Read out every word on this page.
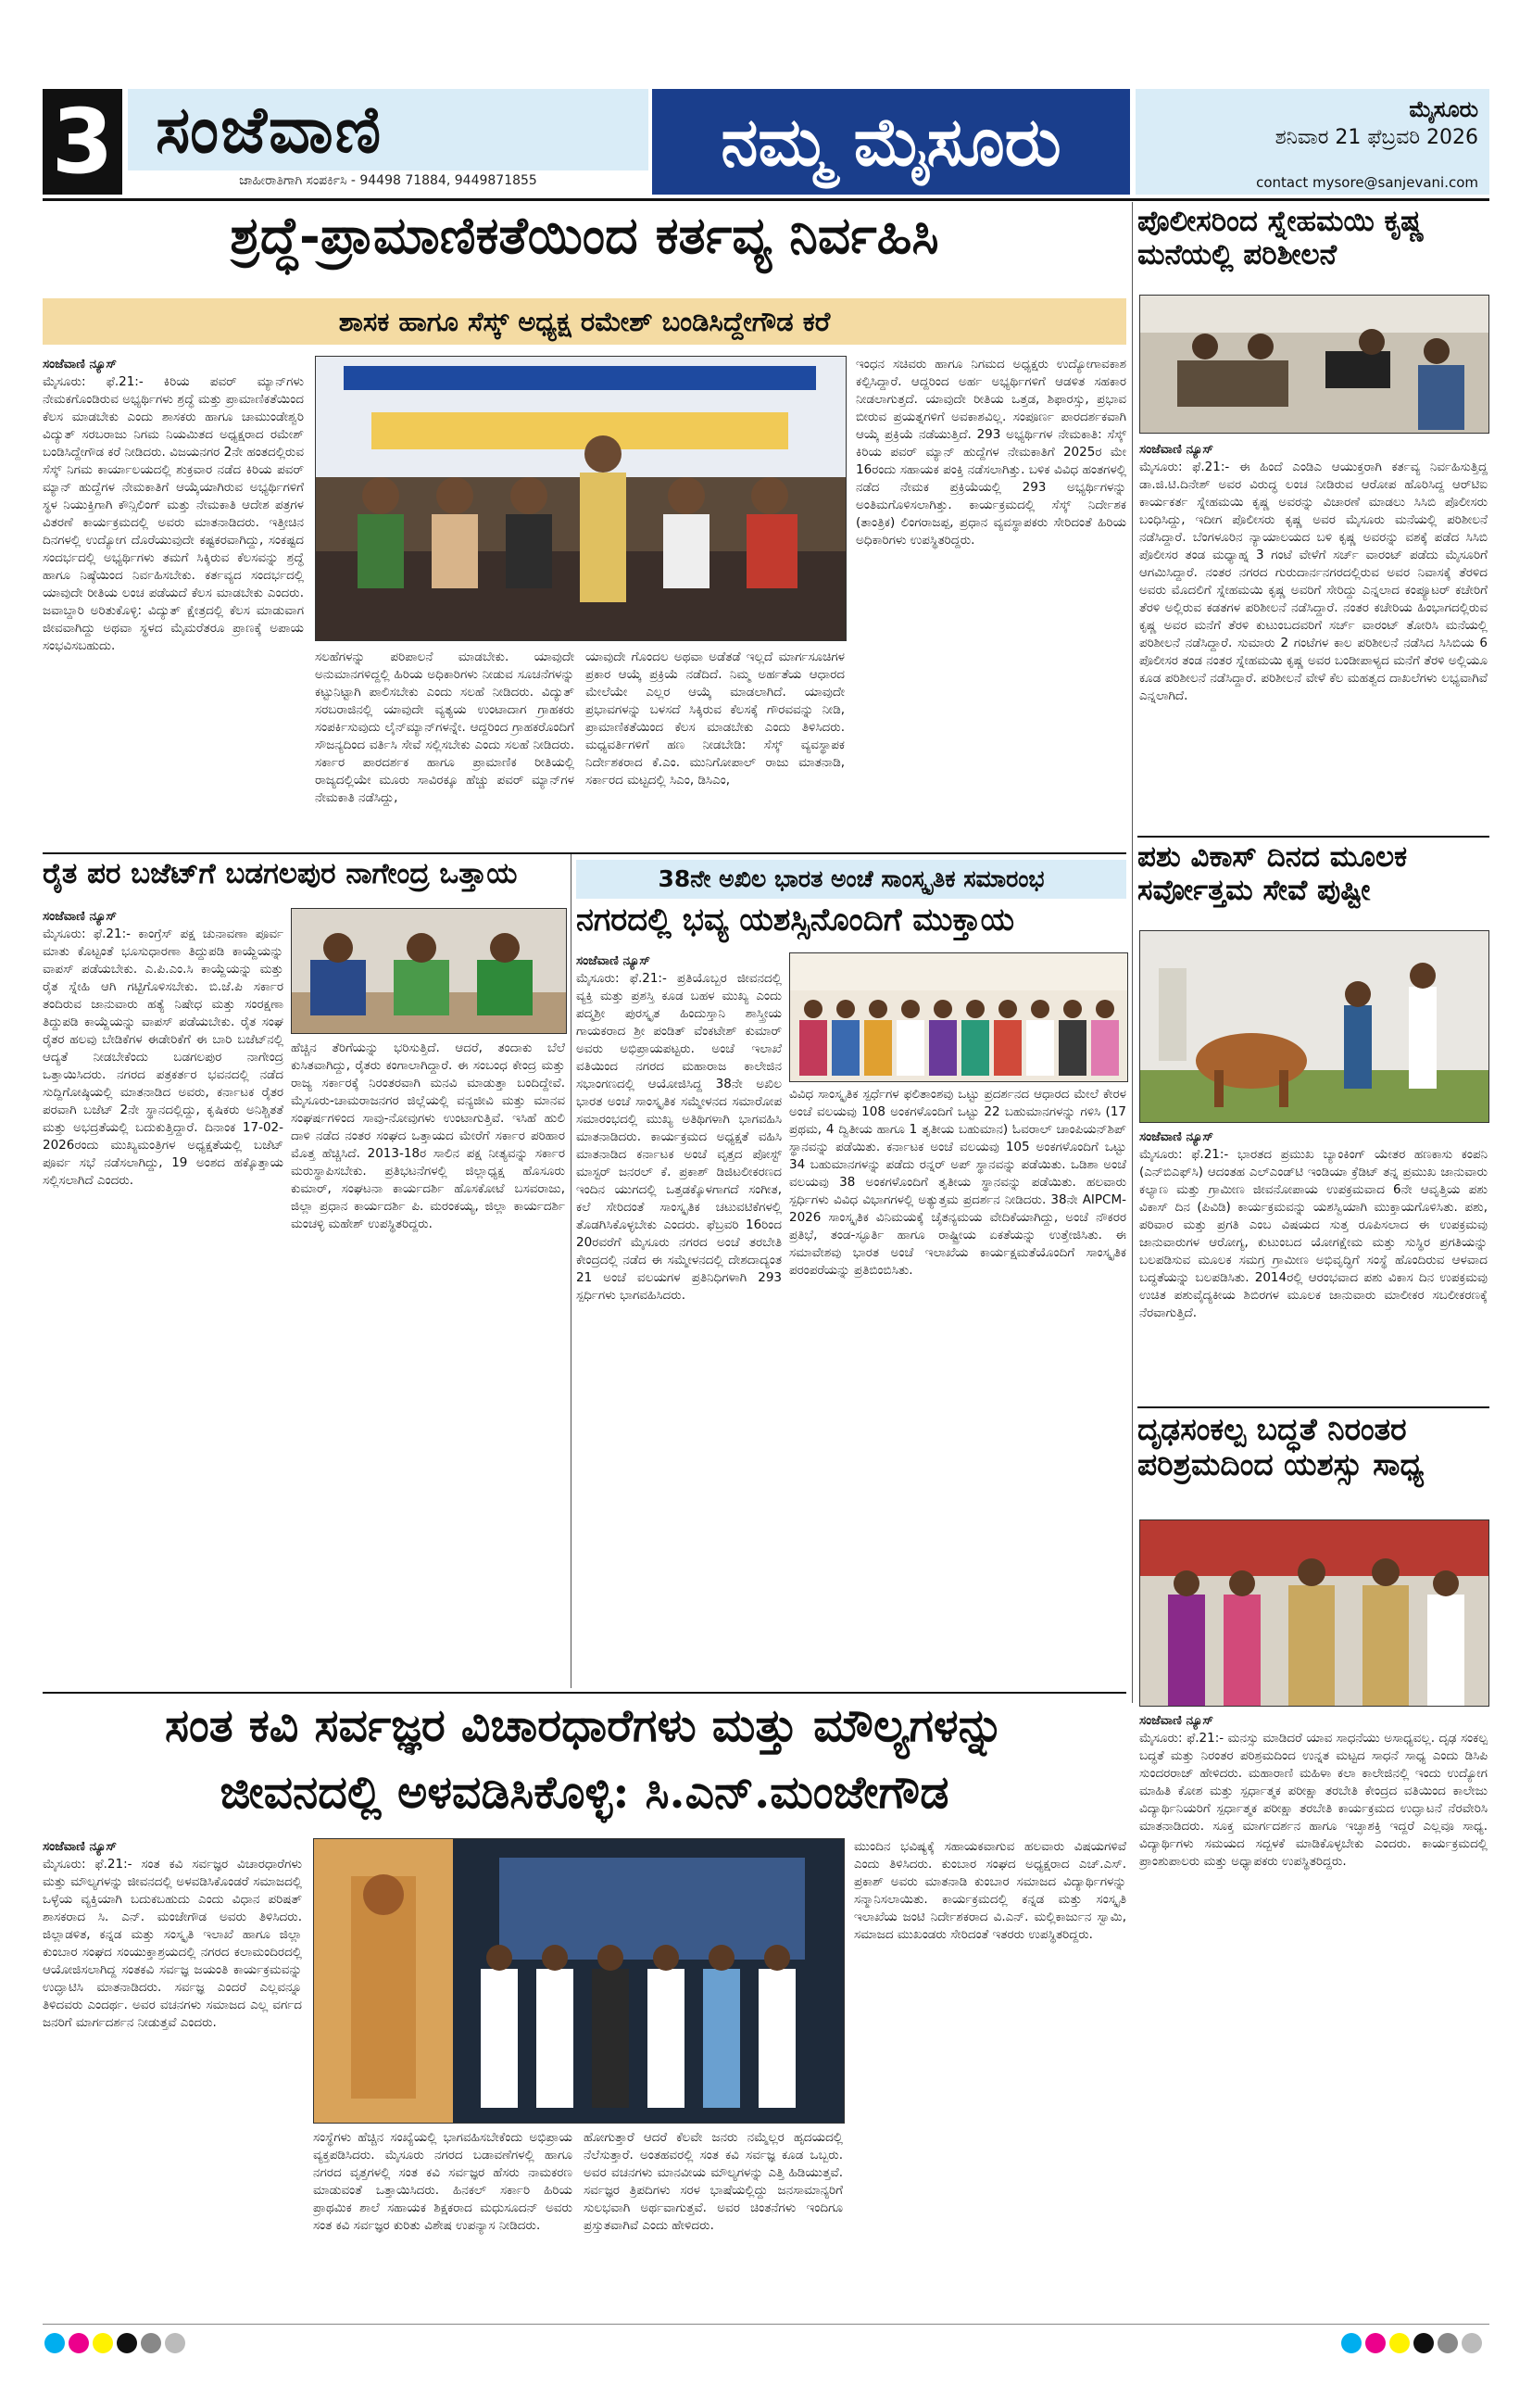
3 ಸಂಜೆವಾಣಿ
ಜಾಹೀರಾತಿಗಾಗಿ ಸಂಪರ್ಕಿಸಿ - 94498 71884, 9449871855	ನಮ್ಮ ಮೈಸೂರು	ಮೈಸೂರು
ಶನಿವಾರ 21 ಫೆಬ್ರವರಿ 2026
contact mysore@sanjevani.com
ಶ್ರದ್ಧೆ-ಪ್ರಾಮಾಣಿಕತೆಯಿಂದ ಕರ್ತವ್ಯ ನಿರ್ವಹಿಸಿ
ಶಾಸಕ ಹಾಗೂ ಸೆಸ್ಕ್ ಅಧ್ಯಕ್ಷ ರಮೇಶ್ ಬಂಡಿಸಿದ್ದೇಗೌಡ ಕರೆ
ಸಂಜೆವಾಣಿ ನ್ಯೂಸ್
ಮೈಸೂರು: ಫೆ.21:- ಕಿರಿಯ ಪವರ್ ಮ್ಯಾನ್‌ಗಳು ನೇಮಕಗೊಂಡಿರುವ ಅಭ್ಯರ್ಥಿಗಳು ಶ್ರದ್ಧೆ ಮತ್ತು ಪ್ರಾಮಾಣಿಕತೆಯಿಂದ ಕೆಲಸ ಮಾಡಬೇಕು ಎಂದು ಶಾಸಕರು ಹಾಗೂ ಚಾಮುಂಡೇಶ್ವರಿ ವಿದ್ಯುತ್ ಸರಬರಾಜು ನಿಗಮ ನಿಯಮಿತದ ಅಧ್ಯಕ್ಷರಾದ ರಮೇಶ್ ಬಂಡಿಸಿದ್ದೇಗೌಡ ಕರೆ ನೀಡಿದರು. ವಿಜಯನಗರ 2ನೇ ಹಂತದಲ್ಲಿರುವ ಸೆಸ್ಕ್ ನಿಗಮ ಕಾರ್ಯಾಲಯದಲ್ಲಿ ಶುಕ್ರವಾರ ನಡೆದ ಕಿರಿಯ ಪವರ್ ಮ್ಯಾನ್ ಹುದ್ದೆಗಳ ನೇಮಕಾತಿಗೆ ಆಯ್ಕೆಯಾಗಿರುವ ಅಭ್ಯರ್ಥಿಗಳಿಗೆ ಸ್ಥಳ ನಿಯುಕ್ತಿಗಾಗಿ ಕೌನ್ಸಿಲಿಂಗ್ ಮತ್ತು ನೇಮಕಾತಿ ಆದೇಶ ಪತ್ರಗಳ ವಿತರಣೆ ಕಾರ್ಯಕ್ರಮದಲ್ಲಿ ಅವರು ಮಾತನಾಡಿದರು. ಇತ್ತೀಚಿನ ದಿನಗಳಲ್ಲಿ ಉದ್ಯೋಗ ದೊರೆಯುವುದೇ ಕಷ್ಟಕರವಾಗಿದ್ದು, ಸಂಕಷ್ಟದ ಸಂದರ್ಭದಲ್ಲಿ ಅಭ್ಯರ್ಥಿಗಳು ತಮಗೆ ಸಿಕ್ಕಿರುವ ಕೆಲಸವನ್ನು ಶ್ರದ್ಧೆ ಹಾಗೂ ನಿಷ್ಠೆಯಿಂದ ನಿರ್ವಹಿಸಬೇಕು. ಕರ್ತವ್ಯದ ಸಂದರ್ಭದಲ್ಲಿ ಯಾವುದೇ ರೀತಿಯ ಲಂಚ ಪಡೆಯದೆ ಕೆಲಸ ಮಾಡಬೇಕು ಎಂದರು. ಜವಾಬ್ದಾರಿ ಅರಿತುಕೊಳ್ಳಿ: ವಿದ್ಯುತ್ ಕ್ಷೇತ್ರದಲ್ಲಿ ಕೆಲಸ ಮಾಡುವಾಗ ಜೀವವಾಗಿದ್ದು ಅಥವಾ ಸ್ಥಳದ ಮೈಮರೆತರೂ ಪ್ರಾಣಕ್ಕೆ ಅಪಾಯ ಸಂಭವಿಸಬಹುದು.
ಸಲಹೆಗಳನ್ನು ಪರಿಪಾಲನೆ ಮಾಡಬೇಕು. ಯಾವುದೇ ಅನುಮಾನಗಳಿದ್ದಲ್ಲಿ ಹಿರಿಯ ಅಧಿಕಾರಿಗಳು ನೀಡುವ ಸೂಚನೆಗಳನ್ನು ಕಟ್ಟುನಿಟ್ಟಾಗಿ ಪಾಲಿಸಬೇಕು ಎಂದು ಸಲಹೆ ನೀಡಿದರು. ವಿದ್ಯುತ್ ಸರಬರಾಜಿನಲ್ಲಿ ಯಾವುದೇ ವ್ಯತ್ಯಯ ಉಂಟಾದಾಗ ಗ್ರಾಹಕರು ಸಂಪರ್ಕಿಸುವುದು ಲೈನ್‌ಮ್ಯಾನ್‌ಗಳನ್ನೇ. ಆದ್ದರಿಂದ ಗ್ರಾಹಕರೊಂದಿಗೆ ಸೌಜನ್ಯದಿಂದ ವರ್ತಿಸಿ ಸೇವೆ ಸಲ್ಲಿಸಬೇಕು ಎಂದು ಸಲಹೆ ನೀಡಿದರು. ಸರ್ಕಾರ ಪಾರದರ್ಶಕ ಹಾಗೂ ಪ್ರಾಮಾಣಿಕ ರೀತಿಯಲ್ಲಿ ರಾಜ್ಯದಲ್ಲಿಯೇ ಮೂರು ಸಾವಿರಕ್ಕೂ ಹೆಚ್ಚು ಪವರ್ ಮ್ಯಾನ್‌ಗಳ ನೇಮಕಾತಿ ನಡೆಸಿದ್ದು,
ಯಾವುದೇ ಗೊಂದಲ ಅಥವಾ ಅಡೆತಡೆ ಇಲ್ಲದೆ ಮಾರ್ಗಸೂಚಿಗಳ ಪ್ರಕಾರ ಆಯ್ಕೆ ಪ್ರಕ್ರಿಯೆ ನಡೆದಿದೆ. ನಿಮ್ಮ ಅರ್ಹತೆಯ ಆಧಾರದ ಮೇಲೆಯೇ ಎಲ್ಲರ ಆಯ್ಕೆ ಮಾಡಲಾಗಿದೆ. ಯಾವುದೇ ಪ್ರಭಾವಗಳನ್ನು ಬಳಸದೆ ಸಿಕ್ಕಿರುವ ಕೆಲಸಕ್ಕೆ ಗೌರವವನ್ನು ನೀಡಿ, ಪ್ರಾಮಾಣಿಕತೆಯಿಂದ ಕೆಲಸ ಮಾಡಬೇಕು ಎಂದು ತಿಳಿಸಿದರು. ಮಧ್ಯವರ್ತಿಗಳಿಗೆ ಹಣ ನೀಡಬೇಡಿ: ಸೆಸ್ಕ್ ವ್ಯವಸ್ಥಾಪಕ ನಿರ್ದೇಶಕರಾದ ಕೆ.ಎಂ. ಮುನಿಗೋಪಾಲ್ ರಾಜು ಮಾತನಾಡಿ, ಸರ್ಕಾರದ ಮಟ್ಟದಲ್ಲಿ ಸಿಎಂ, ಡಿಸಿಎಂ,
ಇಂಧನ ಸಚಿವರು ಹಾಗೂ ನಿಗಮದ ಅಧ್ಯಕ್ಷರು ಉದ್ಯೋಗಾವಕಾಶ ಕಲ್ಪಿಸಿದ್ದಾರೆ. ಆದ್ದರಿಂದ ಅರ್ಹ ಅಭ್ಯರ್ಥಿಗಳಿಗೆ ಆಡಳಿತ ಸಹಕಾರ ನೀಡಲಾಗುತ್ತದೆ. ಯಾವುದೇ ರೀತಿಯ ಒತ್ತಡ, ಶಿಫಾರಸ್ಸು, ಪ್ರಭಾವ ಬೀರುವ ಪ್ರಯತ್ನಗಳಿಗೆ ಅವಕಾಶವಿಲ್ಲ. ಸಂಪೂರ್ಣ ಪಾರದರ್ಶಕವಾಗಿ ಆಯ್ಕೆ ಪ್ರಕ್ರಿಯೆ ನಡೆಯುತ್ತಿದೆ. 293 ಅಭ್ಯರ್ಥಿಗಳ ನೇಮಕಾತಿ: ಸೆಸ್ಕ್ ಕಿರಿಯ ಪವರ್ ಮ್ಯಾನ್ ಹುದ್ದೆಗಳ ನೇಮಕಾತಿಗೆ 2025ರ ಮೇ 16ರಂದು ಸಹಾಯಕ ಪಂಕ್ತಿ ನಡೆಸಲಾಗಿತ್ತು. ಬಳಿಕ ವಿವಿಧ ಹಂತಗಳಲ್ಲಿ ನಡೆದ ನೇಮಕ ಪ್ರಕ್ರಿಯೆಯಲ್ಲಿ 293 ಅಭ್ಯರ್ಥಿಗಳನ್ನು ಅಂತಿಮಗೊಳಿಸಲಾಗಿತ್ತು. ಕಾರ್ಯಕ್ರಮದಲ್ಲಿ ಸೆಸ್ಕ್ ನಿರ್ದೇಶಕ (ತಾಂತ್ರಿಕ) ಲಿಂಗರಾಜಪ್ಪ, ಪ್ರಧಾನ ವ್ಯವಸ್ಥಾಪಕರು ಸೇರಿದಂತೆ ಹಿರಿಯ ಅಧಿಕಾರಿಗಳು ಉಪಸ್ಥಿತರಿದ್ದರು.
ಪೊಲೀಸರಿಂದ ಸ್ನೇಹಮಯಿ ಕೃಷ್ಣ ಮನೆಯಲ್ಲಿ ಪರಿಶೀಲನೆ
ಸಂಜೆವಾಣಿ ನ್ಯೂಸ್
ಮೈಸೂರು: ಫೆ.21:- ಈ ಹಿಂದೆ ಎಂಡಿಎ ಆಯುಕ್ತರಾಗಿ ಕರ್ತವ್ಯ ನಿರ್ವಹಿಸುತ್ತಿದ್ದ ಡಾ.ಜಿ.ಟಿ.ದಿನೇಶ್ ಅವರ ವಿರುದ್ಧ ಲಂಚ ನೀಡಿರುವ ಆರೋಪ ಹೊರಿಸಿದ್ದ ಆರ್‌ಟಿಐ ಕಾರ್ಯಕರ್ತ ಸ್ನೇಹಮಯಿ ಕೃಷ್ಣ ಅವರನ್ನು ವಿಚಾರಣೆ ಮಾಡಲು ಸಿಸಿಬಿ ಪೊಲೀಸರು ಬಂಧಿಸಿದ್ದು, ಇದೀಗ ಪೊಲೀಸರು ಕೃಷ್ಣ ಅವರ ಮೈಸೂರು ಮನೆಯಲ್ಲಿ ಪರಿಶೀಲನೆ ನಡೆಸಿದ್ದಾರೆ. ಬೆಂಗಳೂರಿನ ನ್ಯಾಯಾಲಯದ ಬಳಿ ಕೃಷ್ಣ ಅವರನ್ನು ವಶಕ್ಕೆ ಪಡೆದ ಸಿಸಿಬಿ ಪೊಲೀಸರ ತಂಡ ಮಧ್ಯಾಹ್ನ 3 ಗಂಟೆ ವೇಳೆಗೆ ಸರ್ಚ್ ವಾರಂಟ್ ಪಡೆದು ಮೈಸೂರಿಗೆ ಆಗಮಿಸಿದ್ದಾರೆ. ನಂತರ ನಗರದ ಗುರುದಾರ್ನನಗರದಲ್ಲಿರುವ ಅವರ ನಿವಾಸಕ್ಕೆ ತೆರಳಿದ ಅವರು ಮೊದಲಿಗೆ ಸ್ನೇಹಮಯಿ ಕೃಷ್ಣ ಅವರಿಗೆ ಸೇರಿದ್ದು ಎನ್ನಲಾದ ಕಂಪ್ಯೂಟರ್ ಕಚೇರಿಗೆ ತೆರಳಿ ಅಲ್ಲಿರುವ ಕಡತಗಳ ಪರಿಶೀಲನೆ ನಡೆಸಿದ್ದಾರೆ. ನಂತರ ಕಚೇರಿಯ ಹಿಂಭಾಗದಲ್ಲಿರುವ ಕೃಷ್ಣ ಅವರ ಮನೆಗೆ ತೆರಳಿ ಕುಟುಂಬದವರಿಗೆ ಸರ್ಚ್ ವಾರಂಟ್ ತೋರಿಸಿ ಮನೆಯಲ್ಲಿ ಪರಿಶೀಲನೆ ನಡೆಸಿದ್ದಾರೆ. ಸುಮಾರು 2 ಗಂಟೆಗಳ ಕಾಲ ಪರಿಶೀಲನೆ ನಡೆಸಿದ ಸಿಸಿಬಿಯ 6 ಪೊಲೀಸರ ತಂಡ ನಂತರ ಸ್ನೇಹಮಯಿ ಕೃಷ್ಣ ಅವರ ಬಂಡೀಪಾಳ್ಯದ ಮನೆಗೆ ತೆರಳಿ ಅಲ್ಲಿಯೂ ಕೂಡ ಪರಿಶೀಲನೆ ನಡೆಸಿದ್ದಾರೆ. ಪರಿಶೀಲನೆ ವೇಳೆ ಕೆಲ ಮಹತ್ವದ ದಾಖಲೆಗಳು ಲಭ್ಯವಾಗಿವೆ ಎನ್ನಲಾಗಿದೆ.
ಪಶು ವಿಕಾಸ್ ದಿನದ ಮೂಲಕ ಸರ್ವೋತ್ತಮ ಸೇವೆ ಪುಷ್ಟೀ
ಸಂಜೆವಾಣಿ ನ್ಯೂಸ್
ಮೈಸೂರು: ಫೆ.21:- ಭಾರತದ ಪ್ರಮುಖ ಬ್ಯಾಂಕಿಂಗ್ ಯೇತರ ಹಣಕಾಸು ಕಂಪನಿ (ಎನ್‌ಬಿಎಫ್‌ಸಿ) ಆದಂತಹ ಎಲ್‌ಎಂಡ್‌ಟಿ ಇಂಡಿಯಾ ಕ್ರೆಡಿಟ್ ತನ್ನ ಪ್ರಮುಖ ಜಾನುವಾರು ಕಲ್ಯಾಣ ಮತ್ತು ಗ್ರಾಮೀಣ ಜೀವನೋಪಾಯ ಉಪಕ್ರಮವಾದ 6ನೇ ಆವೃತ್ತಿಯ ಪಶು ವಿಕಾಸ್ ದಿನ (ಪಿವಿಡಿ) ಕಾರ್ಯಕ್ರಮವನ್ನು ಯಶಸ್ವಿಯಾಗಿ ಮುಕ್ತಾಯಗೊಳಿಸಿತು. ಪಶು, ಪರಿವಾರ ಮತ್ತು ಪ್ರಗತಿ ಎಂಬ ವಿಷಯದ ಸುತ್ತ ರೂಪಿಸಲಾದ ಈ ಉಪಕ್ರಮವು ಜಾನುವಾರುಗಳ ಆರೋಗ್ಯ, ಕುಟುಂಬದ ಯೋಗಕ್ಷೇಮ ಮತ್ತು ಸುಸ್ಥಿರ ಪ್ರಗತಿಯನ್ನು ಬಲಪಡಿಸುವ ಮೂಲಕ ಸಮಗ್ರ ಗ್ರಾಮೀಣ ಅಭಿವೃದ್ಧಿಗೆ ಸಂಸ್ಥೆ ಹೊಂದಿರುವ ಆಳವಾದ ಬದ್ಧತೆಯನ್ನು ಬಲಪಡಿಸಿತು. 2014ರಲ್ಲಿ ಆರಂಭವಾದ ಪಶು ವಿಕಾಸ ದಿನ ಉಪಕ್ರಮವು ಉಚಿತ ಪಶುವೈದ್ಯಕೀಯ ಶಿಬಿರಗಳ ಮೂಲಕ ಜಾನುವಾರು ಮಾಲೀಕರ ಸಬಲೀಕರಣಕ್ಕೆ ನೆರವಾಗುತ್ತಿದೆ.
ದೃಢಸಂಕಲ್ಪ ಬದ್ಧತೆ ನಿರಂತರ ಪರಿಶ್ರಮದಿಂದ ಯಶಸ್ಸು ಸಾಧ್ಯ
ಸಂಜೆವಾಣಿ ನ್ಯೂಸ್
ಮೈಸೂರು: ಫೆ.21:- ಮನಸ್ಸು ಮಾಡಿದರೆ ಯಾವ ಸಾಧನೆಯು ಅಸಾಧ್ಯವಲ್ಲ. ದೃಢ ಸಂಕಲ್ಪ ಬದ್ಧತೆ ಮತ್ತು ನಿರಂತರ ಪರಿಶ್ರಮದಿಂದ ಉನ್ನತ ಮಟ್ಟದ ಸಾಧನೆ ಸಾಧ್ಯ ಎಂದು ಡಿಸಿಪಿ ಸುಂದರರಾಜ್ ಹೇಳಿದರು. ಮಹಾರಾಣಿ ಮಹಿಳಾ ಕಲಾ ಕಾಲೇಜಿನಲ್ಲಿ ಇಂದು ಉದ್ಯೋಗ ಮಾಹಿತಿ ಕೋಶ ಮತ್ತು ಸ್ಪರ್ಧಾತ್ಮಕ ಪರೀಕ್ಷಾ ತರಬೇತಿ ಕೇಂದ್ರದ ವತಿಯಿಂದ ಕಾಲೇಜು ವಿದ್ಯಾರ್ಥಿನಿಯರಿಗೆ ಸ್ಪರ್ಧಾತ್ಮಕ ಪರೀಕ್ಷಾ ತರಬೇತಿ ಕಾರ್ಯಕ್ರಮದ ಉದ್ಘಾಟನೆ ನೆರವೇರಿಸಿ ಮಾತನಾಡಿದರು. ಸೂಕ್ತ ಮಾರ್ಗದರ್ಶನ ಹಾಗೂ ಇಚ್ಛಾಶಕ್ತಿ ಇದ್ದರೆ ಎಲ್ಲವೂ ಸಾಧ್ಯ. ವಿದ್ಯಾರ್ಥಿಗಳು ಸಮಯದ ಸದ್ಬಳಕೆ ಮಾಡಿಕೊಳ್ಳಬೇಕು ಎಂದರು. ಕಾರ್ಯಕ್ರಮದಲ್ಲಿ ಪ್ರಾಂಶುಪಾಲರು ಮತ್ತು ಅಧ್ಯಾಪಕರು ಉಪಸ್ಥಿತರಿದ್ದರು.
ರೈತ ಪರ ಬಜೆಟ್‌ಗೆ ಬಡಗಲಪುರ ನಾಗೇಂದ್ರ ಒತ್ತಾಯ
ಸಂಜೆವಾಣಿ ನ್ಯೂಸ್
ಮೈಸೂರು: ಫೆ.21:- ಕಾಂಗ್ರೆಸ್ ಪಕ್ಷ ಚುನಾವಣಾ ಪೂರ್ವ ಮಾತು ಕೊಟ್ಟಂತೆ ಭೂಸುಧಾರಣಾ ತಿದ್ದುಪಡಿ ಕಾಯ್ದೆಯನ್ನು ವಾಪಸ್ ಪಡೆಯಬೇಕು. ಎ.ಪಿ.ಎಂ.ಸಿ ಕಾಯ್ದೆಯನ್ನು ಮತ್ತು ರೈತ ಸ್ನೇಹಿ ಆಗಿ ಗಟ್ಟಿಗೊಳಿಸಬೇಕು. ಬಿ.ಜೆ.ಪಿ ಸರ್ಕಾರ ತಂದಿರುವ ಜಾನುವಾರು ಹತ್ಯೆ ನಿಷೇಧ ಮತ್ತು ಸಂರಕ್ಷಣಾ ತಿದ್ದುಪಡಿ ಕಾಯ್ದೆಯನ್ನು ವಾಪಸ್ ಪಡೆಯಬೇಕು. ರೈತ ಸಂಘ ರೈತರ ಹಲವು ಬೇಡಿಕೆಗಳ ಈಡೇರಿಕೆಗೆ ಈ ಬಾರಿ ಬಜೆಟ್‌ನಲ್ಲಿ ಆದ್ಯತೆ ನೀಡಬೇಕೆಂದು ಬಡಗಲಪುರ ನಾಗೇಂದ್ರ ಒತ್ತಾಯಿಸಿದರು. ನಗರದ ಪತ್ರಕರ್ತರ ಭವನದಲ್ಲಿ ನಡೆದ ಸುದ್ದಿಗೋಷ್ಠಿಯಲ್ಲಿ ಮಾತನಾಡಿದ ಅವರು, ಕರ್ನಾಟಕ ರೈತರ ಪರವಾಗಿ ಬಜೆಟ್ 2ನೇ ಸ್ಥಾನದಲ್ಲಿದ್ದು, ಕೃಷಿಕರು ಅನಿಶ್ಚಿತತೆ ಮತ್ತು ಅಭದ್ರತೆಯಲ್ಲಿ ಬದುಕುತ್ತಿದ್ದಾರೆ. ದಿನಾಂಕ 17-02-2026ರಂದು ಮುಖ್ಯಮಂತ್ರಿಗಳ ಅಧ್ಯಕ್ಷತೆಯಲ್ಲಿ ಬಜೆಟ್ ಪೂರ್ವ ಸಭೆ ನಡೆಸಲಾಗಿದ್ದು, 19 ಅಂಶದ ಹಕ್ಕೊತ್ತಾಯ ಸಲ್ಲಿಸಲಾಗಿದೆ ಎಂದರು.
ಹೆಚ್ಚಿನ ತೆರಿಗೆಯನ್ನು ಭರಿಸುತ್ತಿದೆ. ಆದರೆ, ತಂದಾಕು ಬೆಲೆ ಕುಸಿತವಾಗಿದ್ದು, ರೈತರು ಕಂಗಾಲಾಗಿದ್ದಾರೆ. ಈ ಸಂಬಂಧ ಕೇಂದ್ರ ಮತ್ತು ರಾಜ್ಯ ಸರ್ಕಾರಕ್ಕೆ ನಿರಂತರವಾಗಿ ಮನವಿ ಮಾಡುತ್ತಾ ಬಂದಿದ್ದೇವೆ. ಮೈಸೂರು-ಚಾಮರಾಜನಗರ ಜಿಲ್ಲೆಯಲ್ಲಿ ವನ್ಯಜೀವಿ ಮತ್ತು ಮಾನವ ಸಂಘರ್ಷಗಳಿಂದ ಸಾವು-ನೋವುಗಳು ಉಂಟಾಗುತ್ತಿವೆ. ಇಸಿಹೆ ಹುಲಿ ದಾಳಿ ನಡೆದ ನಂತರ ಸಂಘದ ಒತ್ತಾಯದ ಮೇರೆಗೆ ಸರ್ಕಾರ ಪರಿಹಾರ ಮೊತ್ತ ಹೆಚ್ಚಿಸಿದೆ. 2013-18ರ ಸಾಲಿನ ಪಕ್ಷ ನೀತ್ಯವನ್ನು ಸರ್ಕಾರ ಮರುಸ್ಥಾಪಿಸಬೇಕು. ಪ್ರತಿಭಟನೆಗಳಲ್ಲಿ ಜಿಲ್ಲಾಧ್ಯಕ್ಷ ಹೊಸೂರು ಕುಮಾರ್, ಸಂಘಟನಾ ಕಾರ್ಯದರ್ಶಿ ಹೊಸಕೋಟೆ ಬಸವರಾಜು, ಜಿಲ್ಲಾ ಪ್ರಧಾನ ಕಾರ್ಯದರ್ಶಿ ಪಿ. ಮರಂಕಯ್ಯ, ಜಿಲ್ಲಾ ಕಾರ್ಯದರ್ಶಿ ಮಂಚಳ್ಳಿ ಮಹೇಶ್ ಉಪಸ್ಥಿತರಿದ್ದರು.
38ನೇ ಅಖಿಲ ಭಾರತ ಅಂಚೆ ಸಾಂಸ್ಕೃತಿಕ ಸಮಾರಂಭ
ನಗರದಲ್ಲಿ ಭವ್ಯ ಯಶಸ್ಸಿನೊಂದಿಗೆ ಮುಕ್ತಾಯ
ಸಂಜೆವಾಣಿ ನ್ಯೂಸ್
ಮೈಸೂರು: ಫೆ.21:- ಪ್ರತಿಯೊಬ್ಬರ ಜೀವನದಲ್ಲಿ ವ್ಯಕ್ತಿ ಮತ್ತು ಪ್ರಶಸ್ತಿ ಕೂಡ ಬಹಳ ಮುಖ್ಯ ಎಂದು ಪದ್ಮಶ್ರೀ ಪುರಸ್ಕೃತ ಹಿಂದುಸ್ತಾನಿ ಶಾಸ್ತ್ರೀಯ ಗಾಯಕರಾದ ಶ್ರೀ ಪಂಡಿತ್ ವೆಂಕಟೇಶ್ ಕುಮಾರ್ ಅವರು ಅಭಿಪ್ರಾಯಪಟ್ಟರು. ಅಂಚೆ ಇಲಾಖೆ ವತಿಯಿಂದ ನಗರದ ಮಹಾರಾಜ ಕಾಲೇಜಿನ ಸಭಾಂಗಣದಲ್ಲಿ ಆಯೋಜಿಸಿದ್ದ 38ನೇ ಅಖಿಲ ಭಾರತ ಅಂಚೆ ಸಾಂಸ್ಕೃತಿಕ ಸಮ್ಮೇಳನದ ಸಮಾರೋಪ ಸಮಾರಂಭದಲ್ಲಿ ಮುಖ್ಯ ಅತಿಥಿಗಳಾಗಿ ಭಾಗವಹಿಸಿ ಮಾತನಾಡಿದರು. ಕಾರ್ಯಕ್ರಮದ ಅಧ್ಯಕ್ಷತೆ ವಹಿಸಿ ಮಾತನಾಡಿದ ಕರ್ನಾಟಕ ಅಂಚೆ ವೃತ್ತದ ಪೋಸ್ಟ್ ಮಾಸ್ಟರ್ ಜನರಲ್ ಕೆ. ಪ್ರಕಾಶ್ ಡಿಜಿಟಲೀಕರಣದ ಇಂದಿನ ಯುಗದಲ್ಲಿ ಒತ್ತಡಕ್ಕೊಳಗಾಗದೆ ಸಂಗೀತ, ಕಲೆ ಸೇರಿದಂತೆ ಸಾಂಸ್ಕೃತಿಕ ಚಟುವಟಿಕೆಗಳಲ್ಲಿ ತೊಡಗಿಸಿಕೊಳ್ಳಬೇಕು ಎಂದರು. ಫೆಬ್ರವರಿ 16ರಿಂದ 20ರವರೆಗೆ ಮೈಸೂರು ನಗರದ ಅಂಚೆ ತರಬೇತಿ ಕೇಂದ್ರದಲ್ಲಿ ನಡೆದ ಈ ಸಮ್ಮೇಳನದಲ್ಲಿ ದೇಶದಾದ್ಯಂತ 21 ಅಂಚೆ ವಲಯಗಳ ಪ್ರತಿನಿಧಿಗಳಾಗಿ 293 ಸ್ಪರ್ಧಿಗಳು ಭಾಗವಹಿಸಿದರು.
ವಿವಿಧ ಸಾಂಸ್ಕೃತಿಕ ಸ್ಪರ್ಧೆಗಳ ಫಲಿತಾಂಶವು ಒಟ್ಟು ಪ್ರದರ್ಶನದ ಆಧಾರದ ಮೇಲೆ ಕೇರಳ ಅಂಚೆ ವಲಯವು 108 ಅಂಕಗಳೊಂದಿಗೆ ಒಟ್ಟು 22 ಬಹುಮಾನಗಳನ್ನು ಗಳಿಸಿ (17 ಪ್ರಥಮ, 4 ದ್ವಿತೀಯ ಹಾಗೂ 1 ತೃತೀಯ ಬಹುಮಾನ) ಓವರಾಲ್ ಚಾಂಪಿಯನ್‌ಶಿಪ್ ಸ್ಥಾನವನ್ನು ಪಡೆಯಿತು. ಕರ್ನಾಟಕ ಅಂಚೆ ವಲಯವು 105 ಅಂಕಗಳೊಂದಿಗೆ ಒಟ್ಟು 34 ಬಹುಮಾನಗಳನ್ನು ಪಡೆದು ರನ್ನರ್ ಅಪ್ ಸ್ಥಾನವನ್ನು ಪಡೆಯಿತು. ಒಡಿಶಾ ಅಂಚೆ ವಲಯವು 38 ಅಂಕಗಳೊಂದಿಗೆ ತೃತೀಯ ಸ್ಥಾನವನ್ನು ಪಡೆಯಿತು. ಹಲವಾರು ಸ್ಪರ್ಧಿಗಳು ವಿವಿಧ ವಿಭಾಗಗಳಲ್ಲಿ ಅತ್ಯುತ್ತಮ ಪ್ರದರ್ಶನ ನೀಡಿದರು. 38ನೇ AIPCM-2026 ಸಾಂಸ್ಕೃತಿಕ ವಿನಿಮಯಕ್ಕೆ ಚೈತನ್ಯಮಯ ವೇದಿಕೆಯಾಗಿದ್ದು, ಅಂಚೆ ನೌಕರರ ಪ್ರತಿಭೆ, ತಂಡ-ಸ್ಫೂರ್ತಿ ಹಾಗೂ ರಾಷ್ಟ್ರೀಯ ಏಕತೆಯನ್ನು ಉತ್ತೇಜಿಸಿತು. ಈ ಸಮಾವೇಶವು ಭಾರತ ಅಂಚೆ ಇಲಾಖೆಯ ಕಾರ್ಯಕ್ಷಮತೆಯೊಂದಿಗೆ ಸಾಂಸ್ಕೃತಿಕ ಪರಂಪರೆಯನ್ನು ಪ್ರತಿಬಿಂಬಿಸಿತು.
ಸಂತ ಕವಿ ಸರ್ವಜ್ಞರ ವಿಚಾರಧಾರೆಗಳು ಮತ್ತು ಮೌಲ್ಯಗಳನ್ನು
ಜೀವನದಲ್ಲಿ ಅಳವಡಿಸಿಕೊಳ್ಳಿ: ಸಿ.ಎನ್.ಮಂಜೇಗೌಡ
ಸಂಜೆವಾಣಿ ನ್ಯೂಸ್
ಮೈಸೂರು: ಫೆ.21:- ಸಂತ ಕವಿ ಸರ್ವಜ್ಞರ ವಿಚಾರಧಾರೆಗಳು ಮತ್ತು ಮೌಲ್ಯಗಳನ್ನು ಜೀವನದಲ್ಲಿ ಅಳವಡಿಸಿಕೊಂಡರೆ ಸಮಾಜದಲ್ಲಿ ಒಳ್ಳೆಯ ವ್ಯಕ್ತಿಯಾಗಿ ಬದುಕಬಹುದು ಎಂದು ವಿಧಾನ ಪರಿಷತ್ ಶಾಸಕರಾದ ಸಿ. ಎನ್. ಮಂಜೇಗೌಡ ಅವರು ತಿಳಿಸಿದರು. ಜಿಲ್ಲಾಡಳಿತ, ಕನ್ನಡ ಮತ್ತು ಸಂಸ್ಕೃತಿ ಇಲಾಖೆ ಹಾಗೂ ಜಿಲ್ಲಾ ಕುಂಬಾರ ಸಂಘದ ಸಂಯುಕ್ತಾಶ್ರಯದಲ್ಲಿ ನಗರದ ಕಲಾಮಂದಿರದಲ್ಲಿ ಆಯೋಜಿಸಲಾಗಿದ್ದ ಸಂತಕವಿ ಸರ್ವಜ್ಞ ಜಯಂತಿ ಕಾರ್ಯಕ್ರಮವನ್ನು ಉದ್ಘಾಟಿಸಿ ಮಾತನಾಡಿದರು. ಸರ್ವಜ್ಞ ಎಂದರೆ ಎಲ್ಲವನ್ನೂ ತಿಳಿದವರು ಎಂದರ್ಥ. ಅವರ ವಚನಗಳು ಸಮಾಜದ ಎಲ್ಲ ವರ್ಗದ ಜನರಿಗೆ ಮಾರ್ಗದರ್ಶನ ನೀಡುತ್ತವೆ ಎಂದರು.
ಸಂಸ್ಥೆಗಳು ಹೆಚ್ಚಿನ ಸಂಖ್ಯೆಯಲ್ಲಿ ಭಾಗವಹಿಸಬೇಕೆಂದು ಅಭಿಪ್ರಾಯ ವ್ಯಕ್ತಪಡಿಸಿದರು. ಮೈಸೂರು ನಗರದ ಬಡಾವಣೆಗಳಲ್ಲಿ ಹಾಗೂ ನಗರದ ವೃತ್ತಗಳಲ್ಲಿ ಸಂತ ಕವಿ ಸರ್ವಜ್ಞರ ಹೆಸರು ನಾಮಕರಣ ಮಾಡುವಂತೆ ಒತ್ತಾಯಿಸಿದರು. ಹಿನಕಲ್ ಸರ್ಕಾರಿ ಹಿರಿಯ ಪ್ರಾಥಮಿಕ ಶಾಲೆ ಸಹಾಯಕ ಶಿಕ್ಷಕರಾದ ಮಧುಸೂದನ್ ಅವರು ಸಂತ ಕವಿ ಸರ್ವಜ್ಞರ ಕುರಿತು ವಿಶೇಷ ಉಪನ್ಯಾಸ ನೀಡಿದರು.
ಹೋಗುತ್ತಾರೆ ಆದರೆ ಕೆಲವೇ ಜನರು ನಮ್ಮೆಲ್ಲರ ಹೃದಯದಲ್ಲಿ ನೆಲೆಸುತ್ತಾರೆ. ಅಂತಹವರಲ್ಲಿ ಸಂತ ಕವಿ ಸರ್ವಜ್ಞ ಕೂಡ ಒಬ್ಬರು. ಅವರ ವಚನಗಳು ಮಾನವೀಯ ಮೌಲ್ಯಗಳನ್ನು ಎತ್ತಿ ಹಿಡಿಯುತ್ತವೆ. ಸರ್ವಜ್ಞರ ತ್ರಿಪದಿಗಳು ಸರಳ ಭಾಷೆಯಲ್ಲಿದ್ದು ಜನಸಾಮಾನ್ಯರಿಗೆ ಸುಲಭವಾಗಿ ಅರ್ಥವಾಗುತ್ತವೆ. ಅವರ ಚಿಂತನೆಗಳು ಇಂದಿಗೂ ಪ್ರಸ್ತುತವಾಗಿವೆ ಎಂದು ಹೇಳಿದರು.
ಮುಂದಿನ ಭವಿಷ್ಯಕ್ಕೆ ಸಹಾಯಕವಾಗುವ ಹಲವಾರು ವಿಷಯಗಳಿವೆ ಎಂದು ತಿಳಿಸಿದರು. ಕುಂಬಾರ ಸಂಘದ ಅಧ್ಯಕ್ಷರಾದ ಎಚ್.ಎಸ್. ಪ್ರಕಾಶ್ ಅವರು ಮಾತನಾಡಿ ಕುಂಬಾರ ಸಮಾಜದ ವಿದ್ಯಾರ್ಥಿಗಳನ್ನು ಸನ್ಮಾನಿಸಲಾಯಿತು. ಕಾರ್ಯಕ್ರಮದಲ್ಲಿ ಕನ್ನಡ ಮತ್ತು ಸಂಸ್ಕೃತಿ ಇಲಾಖೆಯ ಜಂಟಿ ನಿರ್ದೇಶಕರಾದ ವಿ.ಎನ್. ಮಲ್ಲಿಕಾರ್ಜುನ ಸ್ವಾಮಿ, ಸಮಾಜದ ಮುಖಂಡರು ಸೇರಿದಂತೆ ಇತರರು ಉಪಸ್ಥಿತರಿದ್ದರು.
